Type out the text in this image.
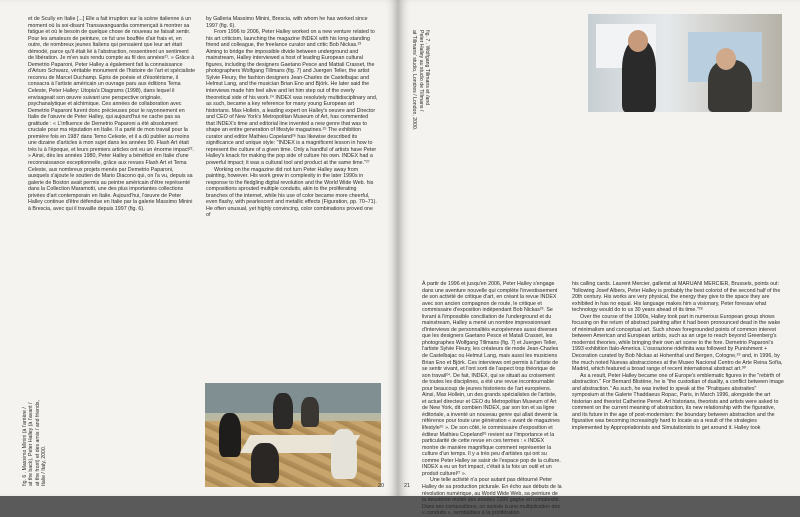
et de Scully en Italie [...] Elle a fait irruption sur la scène italienne à un moment où la soi-disant Transavanguardia commençait à montrer sa fatigue et où le besoin de quelque chose de nouveau se faisait sentir. Pour les amateurs de peinture, ce fut une bouffée d'air frais et, en outre, de nombreux jeunes Italiens qui pensaient que leur art était démodé, parce qu'il était lié à l'abstraction, ressentirent un sentiment de libération. Je m'en suis rendu compte au fil des années²¹. » Grâce à Demetrio Paparoni, Peter Halley a également fait la connaissance d'Arturo Schwarz, véritable monument de l'histoire de l'art et spécialiste reconnu de Marcel Duchamp. Épris de poésie et d'ésotérisme, il consacra à l'artiste américain un ouvrage paru aux éditions Tema Celeste, Peter Halley: Utopia's Diagrams (1998), dans lequel il envisageait son œuvre suivant une perspective originale, psychanalytique et alchimique. Ces années de collaboration avec Demetrio Paparoni furent donc précieuses pour le rayonnement en Italie de l'œuvre de Peter Halley, qui aujourd'hui ne cache pas sa gratitude : « L'influence de Demetrio Paparoni a été absolument cruciale pour ma réputation en Italie. Il a parlé de mon travail pour la première fois en 1987 dans Temo Celeste, et il a dû publier au moins une dizaine d'articles à mon sujet dans les années 90. Flash Art était très lu à l'époque, et leurs premiers articles ont eu un énorme impact²². » Ainsi, dès les années 1980, Peter Halley a bénéficié en Italie d'une reconnaissance exceptionnelle, grâce aux revues Flash Art et Tema Celeste, aux nombreux projets menés par Demetrio Paparoni, auxquels s'ajoute le soutien de Mario Diacono qui, on l'a vu, depuis sa galerie de Boston avait permis au peintre américain d'être représenté dans la Collection Maramotti, une des plus importantes collections privées d'art contemporain en Italie. Aujourd'hui, l'œuvre de Peter Halley continue d'être défendue en Italie par la galerie Massimo Minini à Brescia, avec qui il travaille depuis 1997 (fig. 6).

by Galleria Massimo Minini, Brescia, with whom he has worked since 1997 (fig. 6).

From 1996 to 2006, Peter Halley worked on a new venture related to his art criticism, launching the magazine INDEX with his long-standing friend and colleague, the freelance curator and critic Bob Nickas.²³ Aiming to bridge the impossible divide between underground and mainstream, Halley interviewed a host of leading European cultural figures, including the designers Gaetano Pesce and Mattali Crasset, the photographers Wolfgang Tillmans (fig. 7) and Juergen Teller, the artist Sylvie Fleury, the fashion designers Jean-Charles de Castelbajac and Helmut Lang, and the musician Brian Eno and Björk. He later said the interviews made him feel alive and let him step out of the overly theoretical side of his work.²⁴ INDEX was resolutely multidisciplinary and, as such, became a key reference for many young European art historians. Max Hollein, a leading expert on Halley's oeuvre and Director and CEO of New York's Metropolitan Museum of Art, has commented that INDEX's time and editorial line invented a new genre that was to shape an entire generation of lifestyle magazines.²⁵ The exhibition curator and editor Mathieu Copeland²⁶ has likewise described its significance and unique style: "INDEX is a magnificent lesson in how to represent the culture of a given time. Only a handful of artists have Peter Halley's knack for making the pop side of culture his own. INDEX had a powerful impact; it was a cultural tool and product at the same time."²⁷

Working on the magazine did not turn Peter Halley away from painting, however. His work grew in complexity in the later 1990s in response to the fledgling digital revolution and the World Wide Web. his compositions sprouted multiple conduits, akin to the proliferating branches of the internet, while his use of color became more cheerful, even flashy, with pearlescent and metallic effects (Figuration, pp. 70–71). He often unusual, yet highly convincing, color combinations proved one of

fig. 6 . Massimo Minini (à l'arrière / at the back), Peter Halley (à l'avant / at the front) et des amis / and friends, Italie / Italy, 2000.	20
fig. 7 . Wolfgang Tillmans et /and
Peter Halley au studio de Tillmans /
at Tillmans' studio, Londres / London, 2000.

À partir de 1996 et jusqu'en 2006, Peter Halley s'engage dans une aventure nouvelle qui complète l'investissement de son activité de critique d'art, en créant la revue INDEX avec son ancien compagnon de route, le critique et commissaire d'exposition indépendant Bob Nickas²³. Se livrant à l'impossible conciliation de l'underground et du mainstream, Halley a mené un nombre impressionnant d'interviews de personnalités européennes aussi diverses que les designers Gaetano Pesce et Matali Crasset, les photographes Wolfgang Tillmans (fig. 7) et Juergen Teller, l'artiste Sylvie Fleury, les créateurs de mode Jean-Charles de Castelbajac ou Helmut Lang, mais aussi les musiciens Brian Eno et Björk. Ces interviews ont permis à l'artiste de se sentir vivant, et l'ont sorti de l'aspect trop théorique de son travail²⁴. De fait, INDEX, qui se situait au croisement de toutes les disciplines, a été une revue incontournable pour beaucoup de jeunes historiens de l'art européens. Ainsi, Max Hollein, un des grands spécialistes de l'artiste, et actuel directeur et CEO du Metropolitan Museum of Art de New York, dit combien INDEX, par son ton et sa ligne éditoriale, a inventé un nouveau genre qui allait devenir la référence pour toute une génération « avant de magazines lifestyle²⁵ ». De son côté, le commissaire d'exposition et éditeur Mathieu Copeland²⁶ revient sur l'importance et la particularité de cette revue en ces termes : « INDEX montre de manière magnifique comment représenter la culture d'un temps. Il y a très peu d'artistes qui ont su comme Peter Halley se saisir de l'espace pop de la culture. INDEX a eu un fort impact, c'était à la fois un outil et un produit culturel²⁷ ».

Une telle activité n'a pour autant pas détourné Peter Halley de sa production picturale. En écho aux débuts de la révolution numérique, au World Wide Web, sa peinture de la deuxième moitié des années 1990 gagne en complexité. Dans ses compositions, on assiste à une multiplication des « conduits », semblables à la prolifération

his calling cards. Laurent Mercier, gallerist at MARUANI MERCIER, Brussels, points out: "following Josef Albers, Peter Halley is probably the best colorist of the second half of the 20th century. His works are very physical, the energy they give to the space they are exhibited in has no equal. His language makes him a visionary, Peter foresaw what technology would do to us 30 years ahead of its time."²⁸

Over the course of the 1990s, Halley took part in numerous European group shows focusing on the return of abstract painting after it had been pronounced dead in the wake of minimalism and conceptual art. Such shows foregrounded points of common interest between American and European artists, such as an urge to reach beyond Greenberg's modernist theories, while bringing their own art scene to the fore. Demetrio Paparoni's 1993 exhibition Italo-America. L'ossrazione ridefinita was followed by Punishment + Decoration curated by Bob Nickas at Hohenthal und Bergen, Cologne,²⁹ and, in 1996, by the much noted Nuevas abstracciones at the Museo Nacional Centro de Arte Reina Sofía, Madrid, which featured a broad range of recent international abstract art.³⁰

As a result, Peter Halley became one of Europe's emblematic figures in the "rebirth of abstraction." For Bernard Blistène, he is "the custodian of duality, a conflict between image and abstraction." As such, he was invited to speak at the "Pratiques abstraites" symposium at the Galerie Thaddaeus Ropac, Paris, in March 1996, alongside the art historian and theorist Catherine Perret. Art historians, theorists and artists were asked to comment on the current meaning of abstraction, its new relationship with the figurative, and its future in the age of post-modernism: the boundary between abstraction and the figurative was becoming increasingly hard to locate as a result of the strategies implemented by Appropriationists and Simulationists to get around it. Halley took

21
